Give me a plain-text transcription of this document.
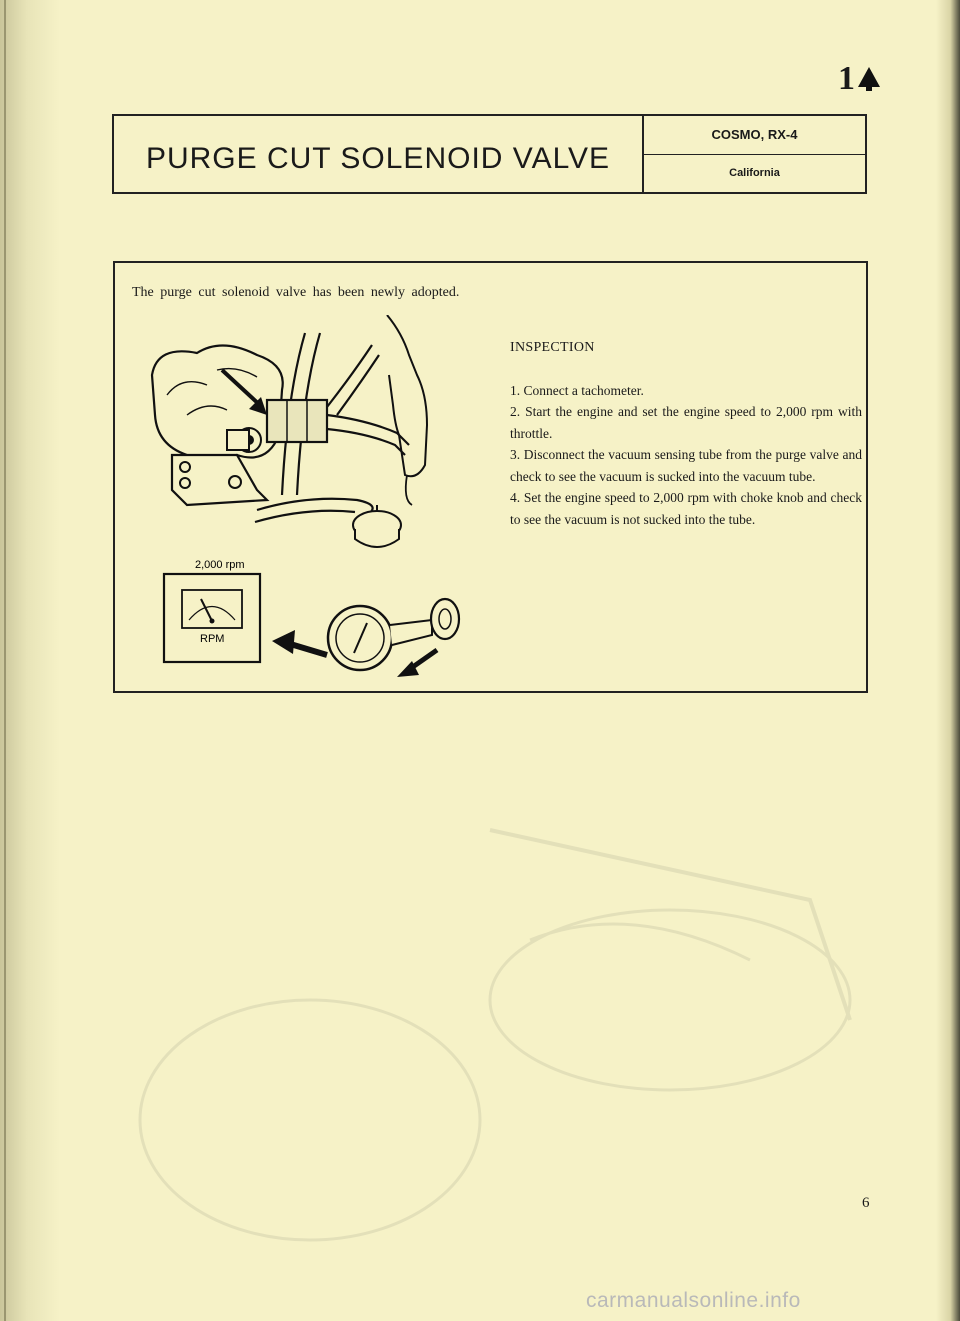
1
PURGE CUT SOLENOID VALVE
COSMO, RX-4
California
The purge cut solenoid valve has been newly adopted.
2,000 rpm
RPM
INSPECTION
1. Connect a tachometer.
2. Start the engine and set the engine speed to 2,000 rpm with throttle.
3. Disconnect the vacuum sensing tube from the purge valve and check to see the vacuum is sucked into the vacuum tube.
4. Set the engine speed to 2,000 rpm with choke knob and check to see the vacuum is not sucked into the tube.
6
carmanualsonline.info
